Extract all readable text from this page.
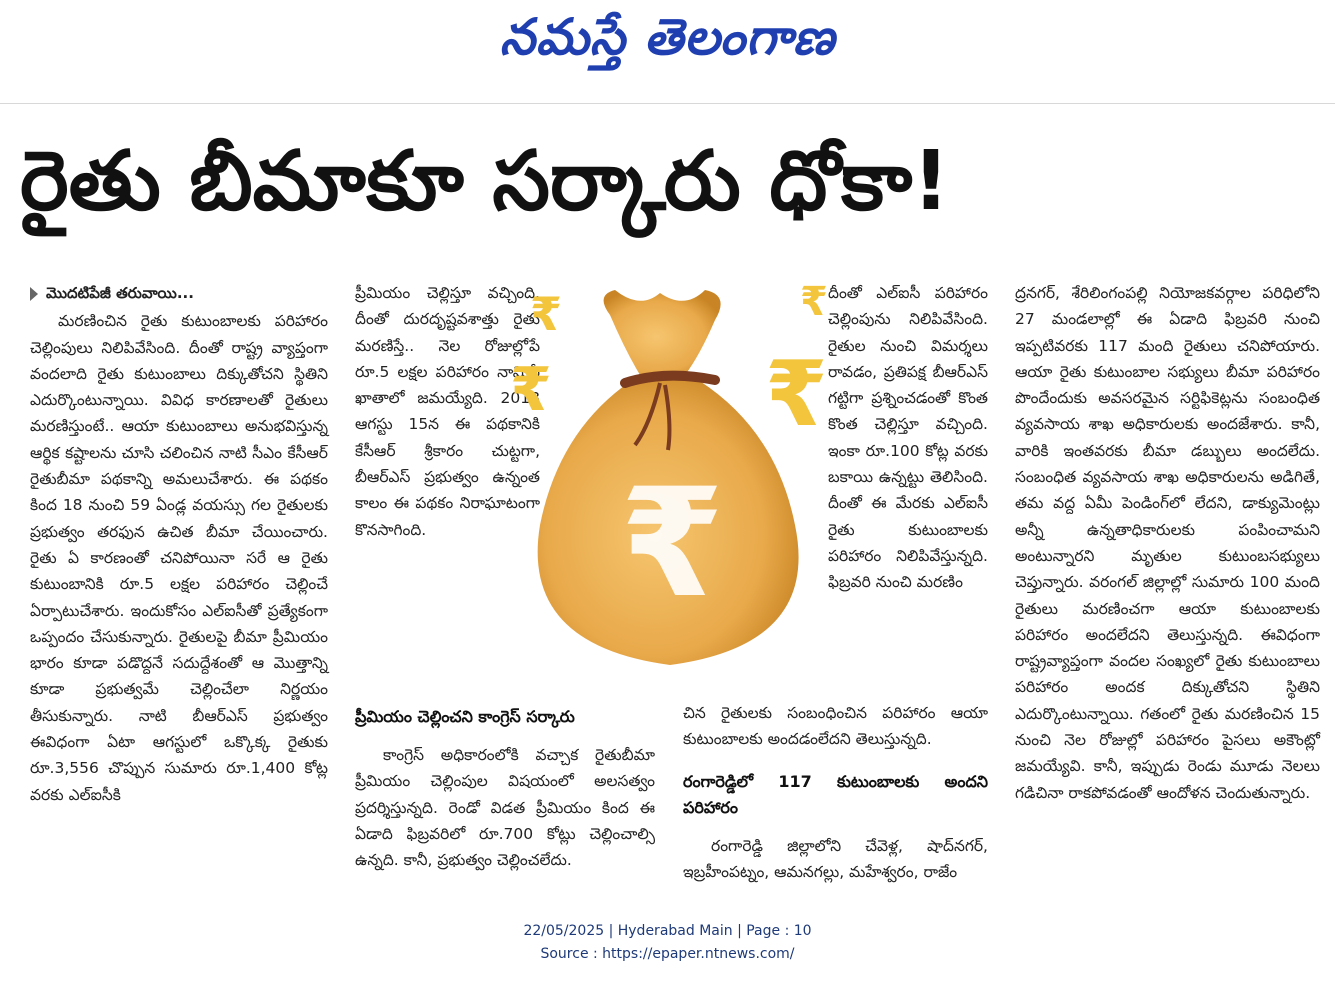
నమస్తే తెలంగాణ
రైతు బీమాకూ సర్కారు ధోకా!
మొదటిపేజీ తరువాయి...

మరణించిన రైతు కుటుంబాలకు పరిహారం చెల్లింపులు నిలిపివేసింది. దీంతో రాష్ట్ర వ్యాప్తంగా వందలాది రైతు కుటుంబాలు దిక్కుతోచని స్థితిని ఎదుర్కొంటున్నాయి. వివిధ కారణాలతో రైతులు మరణిస్తుంటే.. ఆయా కుటుంబాలు అనుభవిస్తున్న ఆర్థిక కష్టాలను చూసి చలించిన నాటి సీఎం కేసీఆర్ రైతుబీమా పథకాన్ని అమలుచేశారు. ఈ పథకం కింద 18 నుంచి 59 ఏండ్ల వయస్సు గల రైతులకు ప్రభుత్వం తరఫున ఉచిత బీమా చేయించారు. రైతు ఏ కారణంతో చనిపోయినా సరే ఆ రైతు కుటుంబానికి రూ.5 లక్షల పరిహారం చెల్లించే ఏర్పాటుచేశారు. ఇందుకోసం ఎల్ఐసీతో ప్రత్యేకంగా ఒప్పందం చేసుకున్నారు. రైతులపై బీమా ప్రీమియం భారం కూడా పడొద్దనే సదుద్దేశంతో ఆ మొత్తాన్ని కూడా ప్రభుత్వమే చెల్లించేలా నిర్ణయం తీసుకున్నారు. నాటి బీఆర్ఎస్ ప్రభుత్వం ఈవిధంగా ఏటా ఆగస్టులో ఒక్కొక్క రైతుకు రూ.3,556 చొప్పున సుమారు రూ.1,400 కోట్ల వరకు ఎల్ఐసీకి

ప్రీమియం చెల్లిస్తూ వచ్చింది. దీంతో దురదృష్టవశాత్తు రైతు మరణిస్తే.. నెల రోజుల్లోపే రూ.5 లక్షల పరిహారం నామినీ ఖాతాలో జమయ్యేది. 2018 ఆగస్టు 15న ఈ పథకానికి కేసీఆర్ శ్రీకారం చుట్టగా, బీఆర్ఎస్ ప్రభుత్వం ఉన్నంత కాలం ఈ పథకం నిరాఘాటంగా కొనసాగింది.

ప్రీమియం చెల్లించని కాంగ్రెస్ సర్కారు

కాంగ్రెస్ అధికారంలోకి వచ్చాక రైతుబీమా ప్రీమియం చెల్లింపుల విషయంలో అలసత్వం ప్రదర్శిస్తున్నది. రెండో విడత ప్రీమియం కింద ఈ ఏడాది ఫిబ్రవరిలో రూ.700 కోట్లు చెల్లించాల్సి ఉన్నది. కానీ, ప్రభుత్వం చెల్లించలేదు.

₹
₹
₹
₹
₹

దీంతో ఎల్ఐసీ పరిహారం చెల్లింపును నిలిపివేసింది. రైతుల నుంచి విమర్శలు రావడం, ప్రతిపక్ష బీఆర్ఎస్ గట్టిగా ప్రశ్నించడంతో కొంత కొంత చెల్లిస్తూ వచ్చింది. ఇంకా రూ.100 కోట్ల వరకు బకాయి ఉన్నట్టు తెలిసింది. దీంతో ఈ మేరకు ఎల్ఐసీ రైతు కుటుంబాలకు పరిహారం నిలిపివేస్తున్నది. ఫిబ్రవరి నుంచి మరణిం

చిన రైతులకు సంబంధించిన పరిహారం ఆయా కుటుంబాలకు అందడంలేదని తెలుస్తున్నది.

రంగారెడ్డిలో 117 కుటుంబాలకు అందని పరిహారం

రంగారెడ్డి జిల్లాలోని చేవెళ్ల, షాద్‌నగర్, ఇబ్రహీంపట్నం, ఆమనగల్లు, మహేశ్వరం, రాజేం

ద్రనగర్, శేరిలింగంపల్లి నియోజకవర్గాల పరిధిలోని 27 మండలాల్లో ఈ ఏడాది ఫిబ్రవరి నుంచి ఇప్పటివరకు 117 మంది రైతులు చనిపోయారు. ఆయా రైతు కుటుంబాల సభ్యులు బీమా పరిహారం పొందేందుకు అవసరమైన సర్టిఫికెట్లను సంబంధిత వ్యవసాయ శాఖ అధికారులకు అందజేశారు. కానీ, వారికి ఇంతవరకు బీమా డబ్బులు అందలేదు. సంబంధిత వ్యవసాయ శాఖ అధికారులను అడిగితే, తమ వద్ద ఏమీ పెండింగ్‌లో లేదని, డాక్యుమెంట్లు అన్నీ ఉన్నతాధికారులకు పంపించామని అంటున్నారని మృతుల కుటుంబసభ్యులు చెప్తున్నారు. వరంగల్ జిల్లాల్లో సుమారు 100 మంది రైతులు మరణించగా ఆయా కుటుంబాలకు పరిహారం అందలేదని తెలుస్తున్నది. ఈవిధంగా రాష్ట్రవ్యాప్తంగా వందల సంఖ్యలో రైతు కుటుంబాలు పరిహారం అందక దిక్కుతోచని స్థితిని ఎదుర్కొంటున్నాయి. గతంలో రైతు మరణించిన 15 నుంచి నెల రోజుల్లో పరిహారం పైసలు అకౌంట్లో జమయ్యేవి. కానీ, ఇప్పుడు రెండు మూడు నెలలు గడిచినా రాకపోవడంతో ఆందోళన చెందుతున్నారు.

22/05/2025 | Hyderabad Main | Page : 10
Source : https://epaper.ntnews.com/
